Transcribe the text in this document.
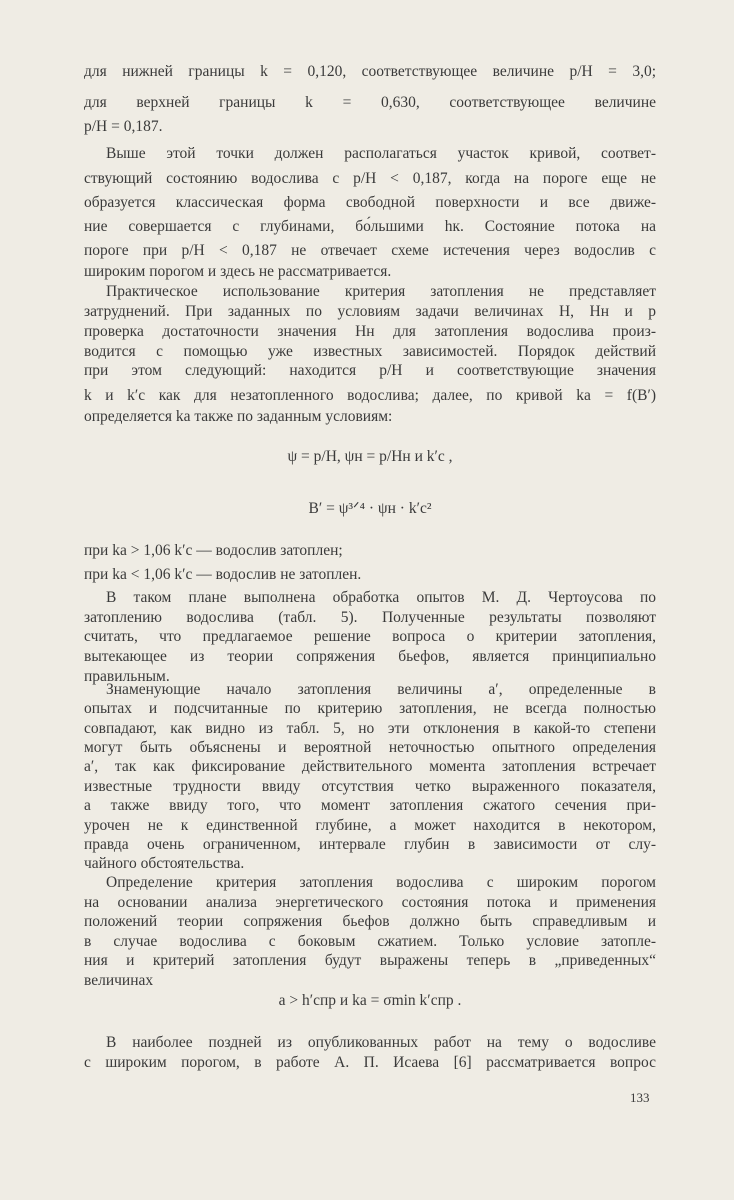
для нижней границы k = 0,120, соответствующее величине p/H = 3,0;
для верхней границы k = 0,630, соответствующее величине
p/H = 0,187.
Выше этой точки должен располагаться участок кривой, соответ-
ствующий состоянию водослива с p/H < 0,187, когда на пороге еще не
образуется классическая форма свободной поверхности и все движе-
ние совершается с глубинами, бо́льшими hк. Состояние потока на
пороге при p/H < 0,187 не отвечает схеме истечения через водослив с
широким порогом и здесь не рассматривается.
Практическое использование критерия затопления не представляет
затруднений. При заданных по условиям задачи величинах H, Hн и p
проверка достаточности значения Hн для затопления водослива произ-
водится с помощью уже известных зависимостей. Порядок действий
при этом следующий: находится p/H и соответствующие значения
k и k′c как для незатопленного водослива; далее, по кривой ka = f(B′)
определяется ka также по заданным условиям:
ψ = p/H, ψн = p/Hн и k′c ,
B′ = ψ³ᐟ⁴ · ψн · k′c²
при ka > 1,06 k′c — водослив затоплен;
при ka < 1,06 k′c — водослив не затоплен.
В таком плане выполнена обработка опытов М. Д. Чертоусова по
затоплению водослива (табл. 5). Полученные результаты позволяют
считать, что предлагаемое решение вопроса о критерии затопления,
вытекающее из теории сопряжения бьефов, является принципиально
правильным.
Знаменующие начало затопления величины a′, определенные в
опытах и подсчитанные по критерию затопления, не всегда полностью
совпадают, как видно из табл. 5, но эти отклонения в какой-то степени
могут быть объяснены и вероятной неточностью опытного определения
a′, так как фиксирование действительного момента затопления встречает
известные трудности ввиду отсутствия четко выраженного показателя,
а также ввиду того, что момент затопления сжатого сечения при-
урочен не к единственной глубине, а может находится в некотором,
правда очень ограниченном, интервале глубин в зависимости от слу-
чайного обстоятельства.
Определение критерия затопления водослива с широким порогом
на основании анализа энергетического состояния потока и применения
положений теории сопряжения бьефов должно быть справедливым и
в случае водослива с боковым сжатием. Только условие затопле-
ния и критерий затопления будут выражены теперь в „приведенных“
величинах
a > h′cпр и ka = σmin k′cпр .
В наиболее поздней из опубликованных работ на тему о водосливе
с широким порогом, в работе А. П. Исаева [6] рассматривается вопрос
133
